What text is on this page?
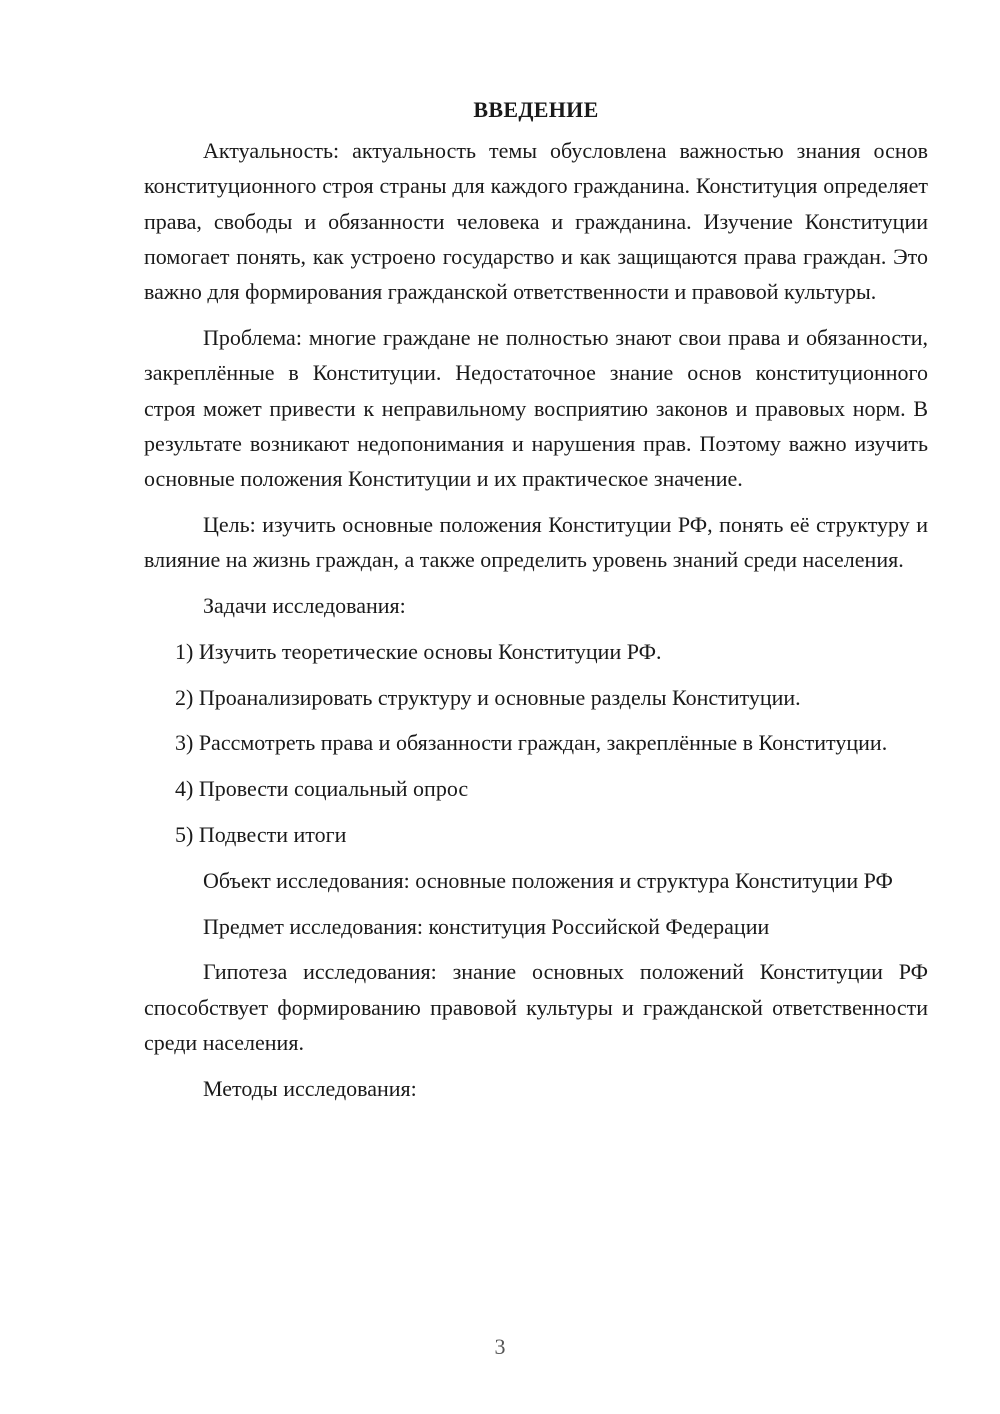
ВВЕДЕНИЕ

Актуальность: актуальность темы обусловлена важностью знания основ конституционного строя страны для каждого гражданина. Конституция определяет права, свободы и обязанности человека и гражданина. Изучение Конституции помогает понять, как устроено государство и как защищаются права граждан. Это важно для формирования гражданской ответственности и правовой культуры.

Проблема: многие граждане не полностью знают свои права и обязанности, закреплённые в Конституции. Недостаточное знание основ конституционного строя может привести к неправильному восприятию законов и правовых норм. В результате возникают недопонимания и нарушения прав. Поэтому важно изучить основные положения Конституции и их практическое значение.

Цель: изучить основные положения Конституции РФ, понять её структуру и влияние на жизнь граждан, а также определить уровень знаний среди населения.

Задачи исследования:

1) Изучить теоретические основы Конституции РФ.

2) Проанализировать структуру и основные разделы Конституции.

3) Рассмотреть права и обязанности граждан, закреплённые в Конституции.

4) Провести социальный опрос

5) Подвести итоги

Объект исследования: основные положения и структура Конституции РФ

Предмет исследования: конституция Российской Федерации

Гипотеза исследования: знание основных положений Конституции РФ способствует формированию правовой культуры и гражданской ответственности среди населения.

Методы исследования:

3
